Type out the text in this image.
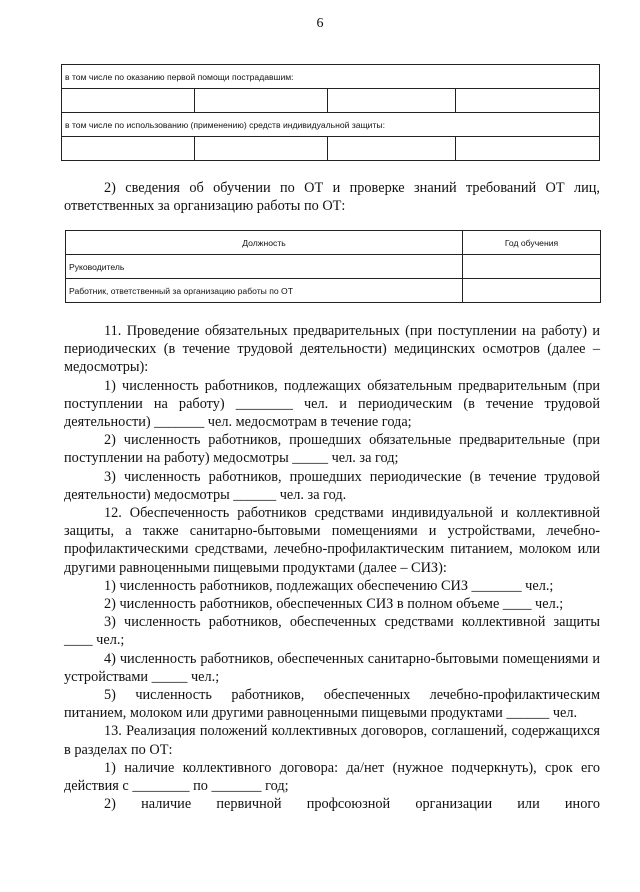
6
в том числе по оказанию первой помощи пострадавшим:			

в том числе по использованию (применению) средств индивидуальной защиты:			

2) сведения об обучении по ОТ и проверке знаний требований ОТ лиц, ответственных за организацию работы по ОТ:

Должность	Год обучения
Руководитель	
Работник, ответственный за организацию работы по ОТ	

11. Проведение обязательных предварительных (при поступлении на работу) и периодических (в течение трудовой деятельности) медицинских осмотров (далее – медосмотры):

1) численность работников, подлежащих обязательным предварительным (при поступлении на работу) ________ чел. и периодическим (в течение трудовой деятельности) _______ чел. медосмотрам в течение года;

2) численность работников, прошедших обязательные предварительные (при поступлении на работу) медосмотры _____ чел. за год;

3) численность работников, прошедших периодические (в течение трудовой деятельности) медосмотры ______ чел. за год.

12. Обеспеченность работников средствами индивидуальной и коллективной защиты, а также санитарно-бытовыми помещениями и устройствами, лечебно-профилактическими средствами, лечебно-профилактическим питанием, молоком или другими равноценными пищевыми продуктами (далее – СИЗ):

1) численность работников, подлежащих обеспечению СИЗ _______ чел.;

2) численность работников, обеспеченных СИЗ в полном объеме ____ чел.;

3) численность работников, обеспеченных средствами коллективной защиты ____ чел.;

4) численность работников, обеспеченных санитарно-бытовыми помещениями и устройствами _____ чел.;

5) численность работников, обеспеченных лечебно-профилактическим питанием, молоком или другими равноценными пищевыми продуктами ______ чел.

13. Реализация положений коллективных договоров, соглашений, содержащихся в разделах по ОТ:

1) наличие коллективного договора: да/нет (нужное подчеркнуть), срок его действия с ________ по _______ год;

2) наличие первичной профсоюзной организации или иного
